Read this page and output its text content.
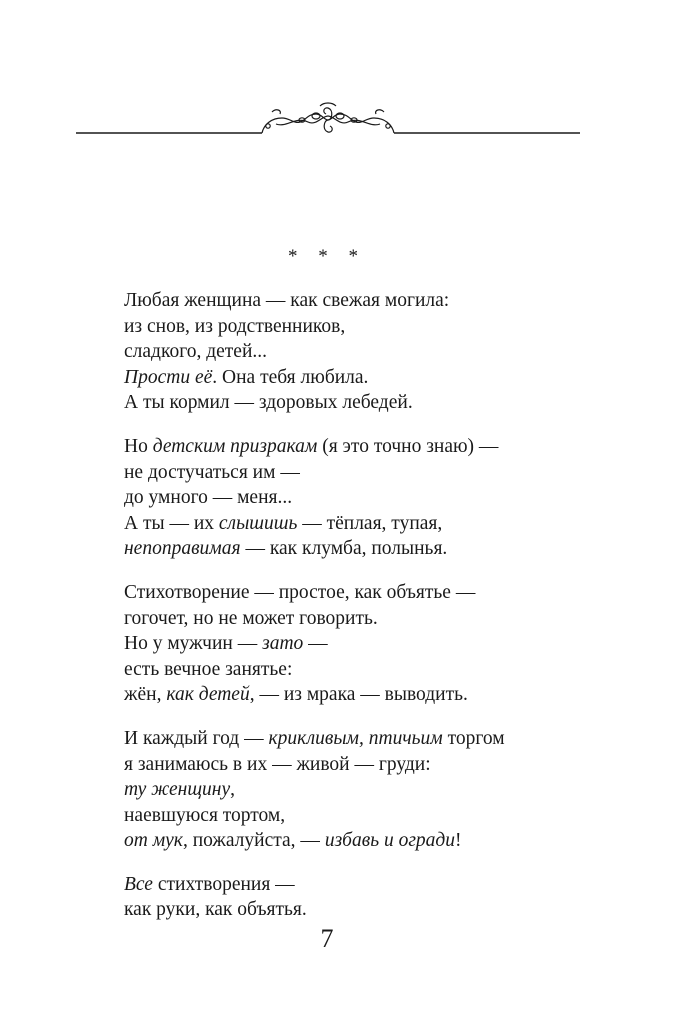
* * *
Любая женщина — как свежая могила:
из снов, из родственников,
сладкого, детей...
Прости её. Она тебя любила.
А ты кормил — здоровых лебедей.
Но детским призракам (я это точно знаю) —
не достучаться им —
до умного — меня...
А ты — их слышишь — тёплая, тупая,
непоправимая — как клумба, полынья.
Стихотворение — простое, как объятье —
гогочет, но не может говорить.
Но у мужчин — зато —
есть вечное занятье:
жён, как детей, — из мрака — выводить.
И каждый год — крикливым, птичьим торгом
я занимаюсь в их — живой — груди:
ту женщину,
наевшуюся тортом,
от мук, пожалуйста, — избавь и огради!
Все стихтворения —
как руки, как объятья.
7
